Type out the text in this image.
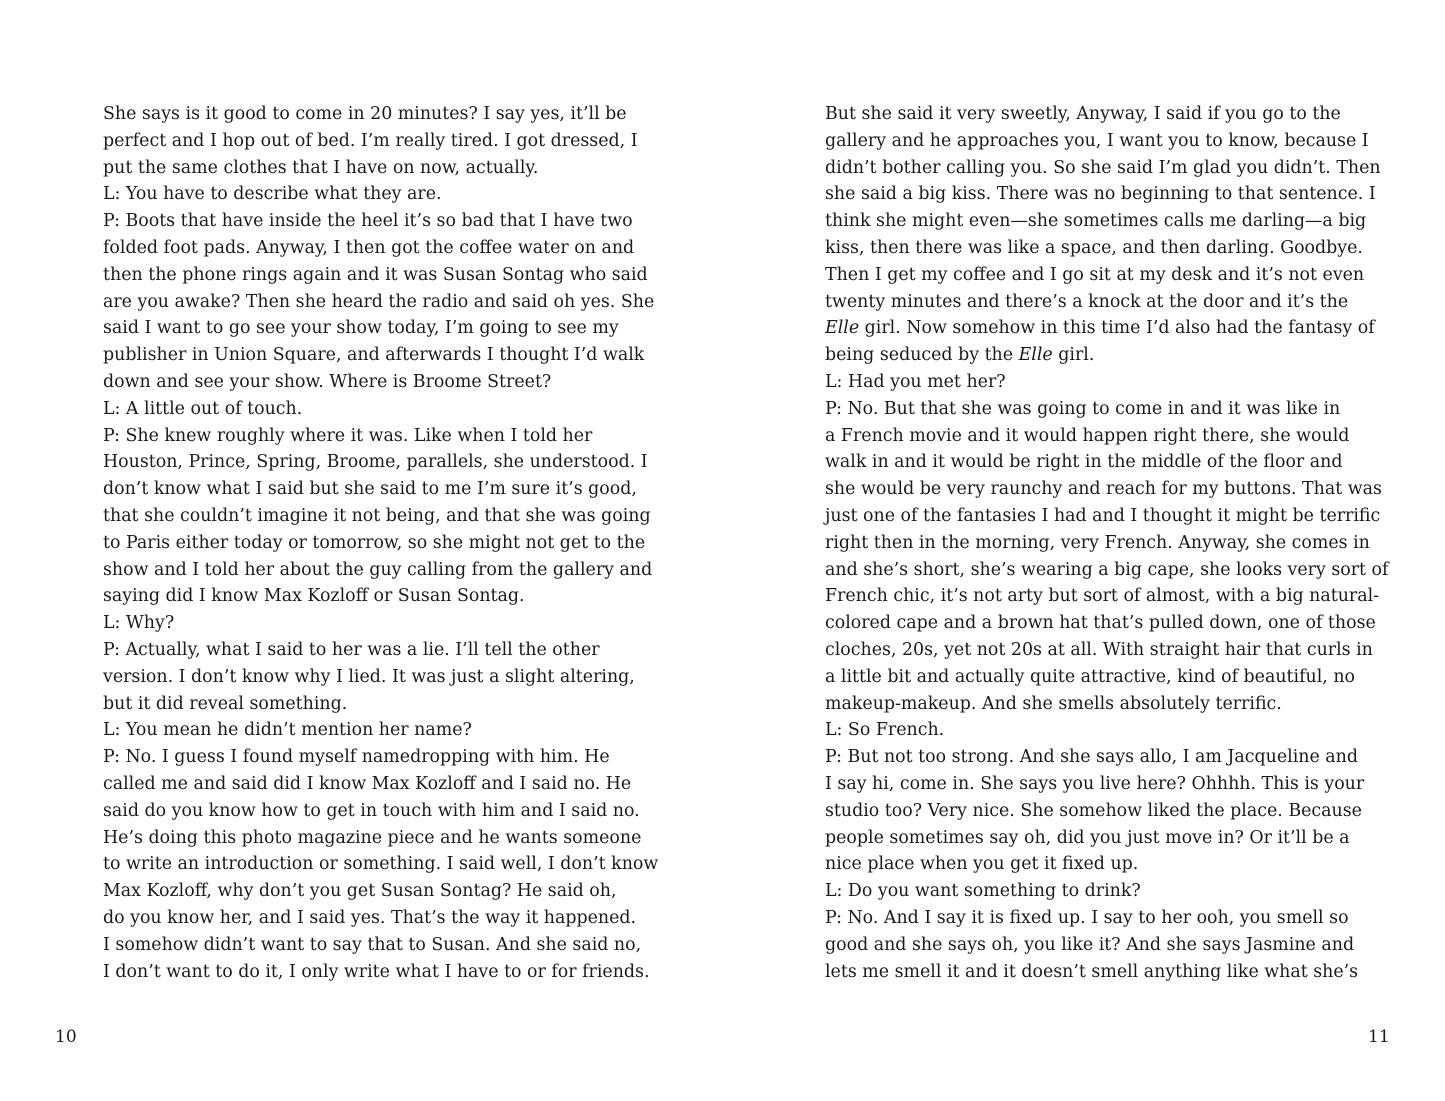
She says is it good to come in 20 minutes? I say yes, it’ll be
perfect and I hop out of bed. I’m really tired. I got dressed, I
put the same clothes that I have on now, actually.
L: You have to describe what they are.
P: Boots that have inside the heel it’s so bad that I have two
folded foot pads. Anyway, I then got the coffee water on and
then the phone rings again and it was Susan Sontag who said
are you awake? Then she heard the radio and said oh yes. She
said I want to go see your show today, I’m going to see my
publisher in Union Square, and afterwards I thought I’d walk
down and see your show. Where is Broome Street?
L: A little out of touch.
P: She knew roughly where it was. Like when I told her
Houston, Prince, Spring, Broome, parallels, she understood. I
don’t know what I said but she said to me I’m sure it’s good,
that she couldn’t imagine it not being, and that she was going
to Paris either today or tomorrow, so she might not get to the
show and I told her about the guy calling from the gallery and
saying did I know Max Kozloff or Susan Sontag.
L: Why?
P: Actually, what I said to her was a lie. I’ll tell the other
version. I don’t know why I lied. It was just a slight altering,
but it did reveal something.
L: You mean he didn’t mention her name?
P: No. I guess I found myself namedropping with him. He
called me and said did I know Max Kozloff and I said no. He
said do you know how to get in touch with him and I said no.
He’s doing this photo magazine piece and he wants someone
to write an introduction or something. I said well, I don’t know
Max Kozloff, why don’t you get Susan Sontag? He said oh,
do you know her, and I said yes. That’s the way it happened.
I somehow didn’t want to say that to Susan. And she said no,
I don’t want to do it, I only write what I have to or for friends.
10
But she said it very sweetly, Anyway, I said if you go to the
gallery and he approaches you, I want you to know, because I
didn’t bother calling you. So she said I’m glad you didn’t. Then
she said a big kiss. There was no beginning to that sentence. I
think she might even—she sometimes calls me darling—a big
kiss, then there was like a space, and then darling. Goodbye.
Then I get my coffee and I go sit at my desk and it’s not even
twenty minutes and there’s a knock at the door and it’s the
Elle girl. Now somehow in this time I’d also had the fantasy of
being seduced by the Elle girl.
L: Had you met her?
P: No. But that she was going to come in and it was like in
a French movie and it would happen right there, she would
walk in and it would be right in the middle of the floor and
she would be very raunchy and reach for my buttons. That was
just one of the fantasies I had and I thought it might be terrific
right then in the morning, very French. Anyway, she comes in
and she’s short, she’s wearing a big cape, she looks very sort of
French chic, it’s not arty but sort of almost, with a big natural-
colored cape and a brown hat that’s pulled down, one of those
cloches, 20s, yet not 20s at all. With straight hair that curls in
a little bit and actually quite attractive, kind of beautiful, no
makeup-makeup. And she smells absolutely terrific.
L: So French.
P: But not too strong. And she says allo, I am Jacqueline and
I say hi, come in. She says you live here? Ohhhh. This is your
studio too? Very nice. She somehow liked the place. Because
people sometimes say oh, did you just move in? Or it’ll be a
nice place when you get it fixed up.
L: Do you want something to drink?
P: No. And I say it is fixed up. I say to her ooh, you smell so
good and she says oh, you like it? And she says Jasmine and
lets me smell it and it doesn’t smell anything like what she’s
11
